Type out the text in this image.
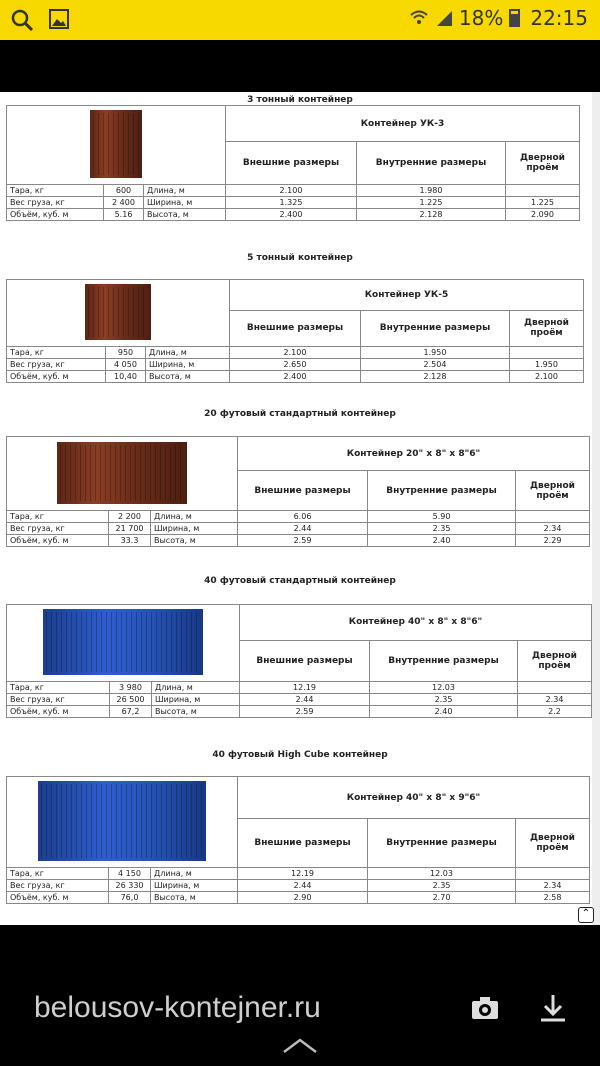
18% 22:15
3 тонный контейнер
			Контейнер УК-3		
			Внешние размеры	Внутренние размеры	Дверной
проём
Тара, кг	600	Длина, м	2.100	1.980	
Вес груза, кг	2 400	Ширина, м	1.325	1.225	1.225
Объём, куб. м	5.16	Высота, м	2.400	2.128	2.090
5 тонный контейнер
			Контейнер УК-5		
			Внешние размеры	Внутренние размеры	Дверной
проём
Тара, кг	950	Длина, м	2.100	1.950	
Вес груза, кг	4 050	Ширина, м	2.650	2.504	1.950
Объём, куб. м	10,40	Высота, м	2.400	2.128	2.100
20 футовый стандартный контейнер
			Контейнер 20" х 8" х 8"6"		
			Внешние размеры	Внутренние размеры	Дверной
проём
Тара, кг	2 200	Длина, м	6.06	5.90	
Вес груза, кг	21 700	Ширина, м	2.44	2.35	2.34
Объём, куб. м	33.3	Высота, м	2.59	2.40	2.29
40 футовый стандартный контейнер
			Контейнер 40" х 8" х 8"6"		
			Внешние размеры	Внутренние размеры	Дверной
проём
Тара, кг	3 980	Длина, м	12.19	12.03	
Вес груза, кг	26 500	Ширина, м	2.44	2.35	2.34
Объём, куб. м	67,2	Высота, м	2.59	2.40	2.2
40 футовый High Cube контейнер
			Контейнер 40" х 8" х 9"6"		
			Внешние размеры	Внутренние размеры	Дверной
проём
Тара, кг	4 150	Длина, м	12.19	12.03	
Вес груза, кг	26 330	Ширина, м	2.44	2.35	2.34
Объём, куб. м	76,0	Высота, м	2.90	2.70	2.58
⌃
belousov-kontejner.ru
